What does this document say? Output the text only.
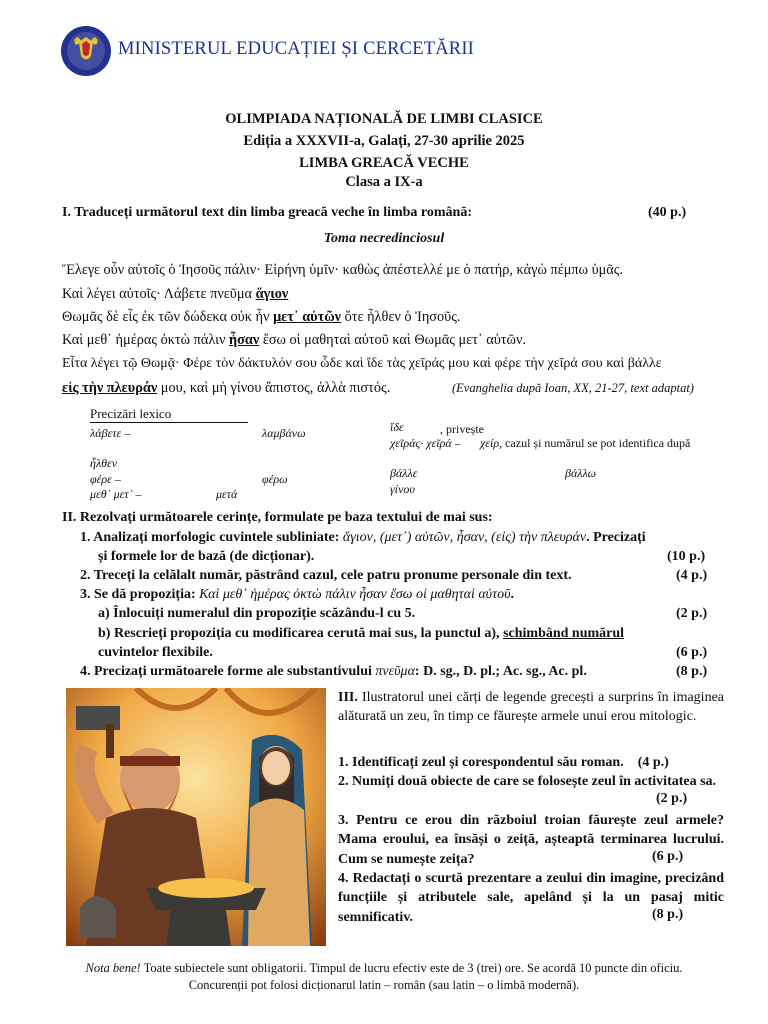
MINISTERUL EDUCAȚIEI ȘI CERCETĂRII
OLIMPIADA NAȚIONALĂ DE LIMBI CLASICE
Ediția a XXXVII-a, Galați, 27-30 aprilie 2025
LIMBA GREACĂ VECHE
Clasa a IX-a
I. Traduceți următorul text din limba greacă veche în limba română:	(40 p.)
Toma necredinciosul
Ἔλεγε οὖν αὐτοῖς ὁ Ἰησοῦς πάλιν· Εἰρήνη ὑμῖν· καθὼς ἀπέστελλέ με ὁ πατήρ, κἀγὼ πέμπω ὑμᾶς.
Καὶ λέγει αὐτοῖς· Λάβετε πνεῦμα ἅγιον
Θωμᾶς δὲ εἷς ἐκ τῶν δώδεκα οὐκ ἦν μετ᾽ αὐτῶν ὅτε ἦλθεν ὁ Ἰησοῦς.
Καὶ μεθ᾽ ἡμέρας ὀκτὼ πάλιν ἦσαν ἔσω οἱ μαθηταὶ αὐτοῦ καὶ Θωμᾶς μετ᾽ αὐτῶν.
Εἶτα λέγει τῷ Θωμᾷ· Φέρε τὸν δάκτυλόν σου ὧδε καὶ ἴδε τὰς χεῖράς μου καὶ φέρε τὴν χεῖρά σου καὶ βάλλε
εἰς τὴν πλευράν μου, καὶ μὴ γίνου ἄπιστος, ἀλλὰ πιστός.	(Evanghelia după Ioan, XX, 21-27, text adaptat)
Precizări lexico
λάβετε –	λαμβάνω	ἴδε	, privește
χεῖράς· χεῖρά – χείρ, cazul și numărul se pot identifica după
ἦλθεν
φέρε –	φέρω	βάλλε	βάλλω
μεθ᾽ μετ᾽ –	μετά	γίνου
II. Rezolvați următoarele cerințe, formulate pe baza textului de mai sus:
1. Analizați morfologic cuvintele subliniate: ἅγιον, (μετ᾽) αὐτῶν, ἦσαν, (εἰς) τὴν πλευράν. Precizați
și formele lor de bază (de dicționar).	(10 p.)
2. Treceți la celălalt număr, păstrând cazul, cele patru pronume personale din text.	(4 p.)
3. Se dă propoziția: Καὶ μεθ᾽ ἡμέρας ὀκτὼ πάλιν ἦσαν ἔσω οἱ μαθηταὶ αὐτοῦ.
a) Înlocuiți numeralul din propoziție scăzându-l cu 5.	(2 p.)
b) Rescrieți propoziția cu modificarea cerută mai sus, la punctul a), schimbând numărul
cuvintelor flexibile.	(6 p.)
4. Precizați următoarele forme ale substantivului πνεῦμα: D. sg., D. pl.; Ac. sg., Ac. pl.	(8 p.)
III. Ilustratorul unei cărți de legende grecești a surprins în imaginea alăturată un zeu, în timp ce făurește armele unui erou mitologic.
1. Identificați zeul și corespondentul său roman. (4 p.)
2. Numiți două obiecte de care se folosește zeul în activitatea sa.
(2 p.)
3. Pentru ce erou din războiul troian făurește zeul armele? Mama eroului, ea însăși o zeiță, așteaptă terminarea lucrului. Cum se numește zeița?	(6 p.)
4. Redactați o scurtă prezentare a zeului din imagine, precizând funcțiile și atributele sale, apelând și la un pasaj mitic semnificativ.	(8 p.)
Nota bene! Toate subiectele sunt obligatorii. Timpul de lucru efectiv este de 3 (trei) ore. Se acordă 10 puncte din oficiu.
Concurenții pot folosi dicționarul latin – român (sau latin – o limbă modernă).
